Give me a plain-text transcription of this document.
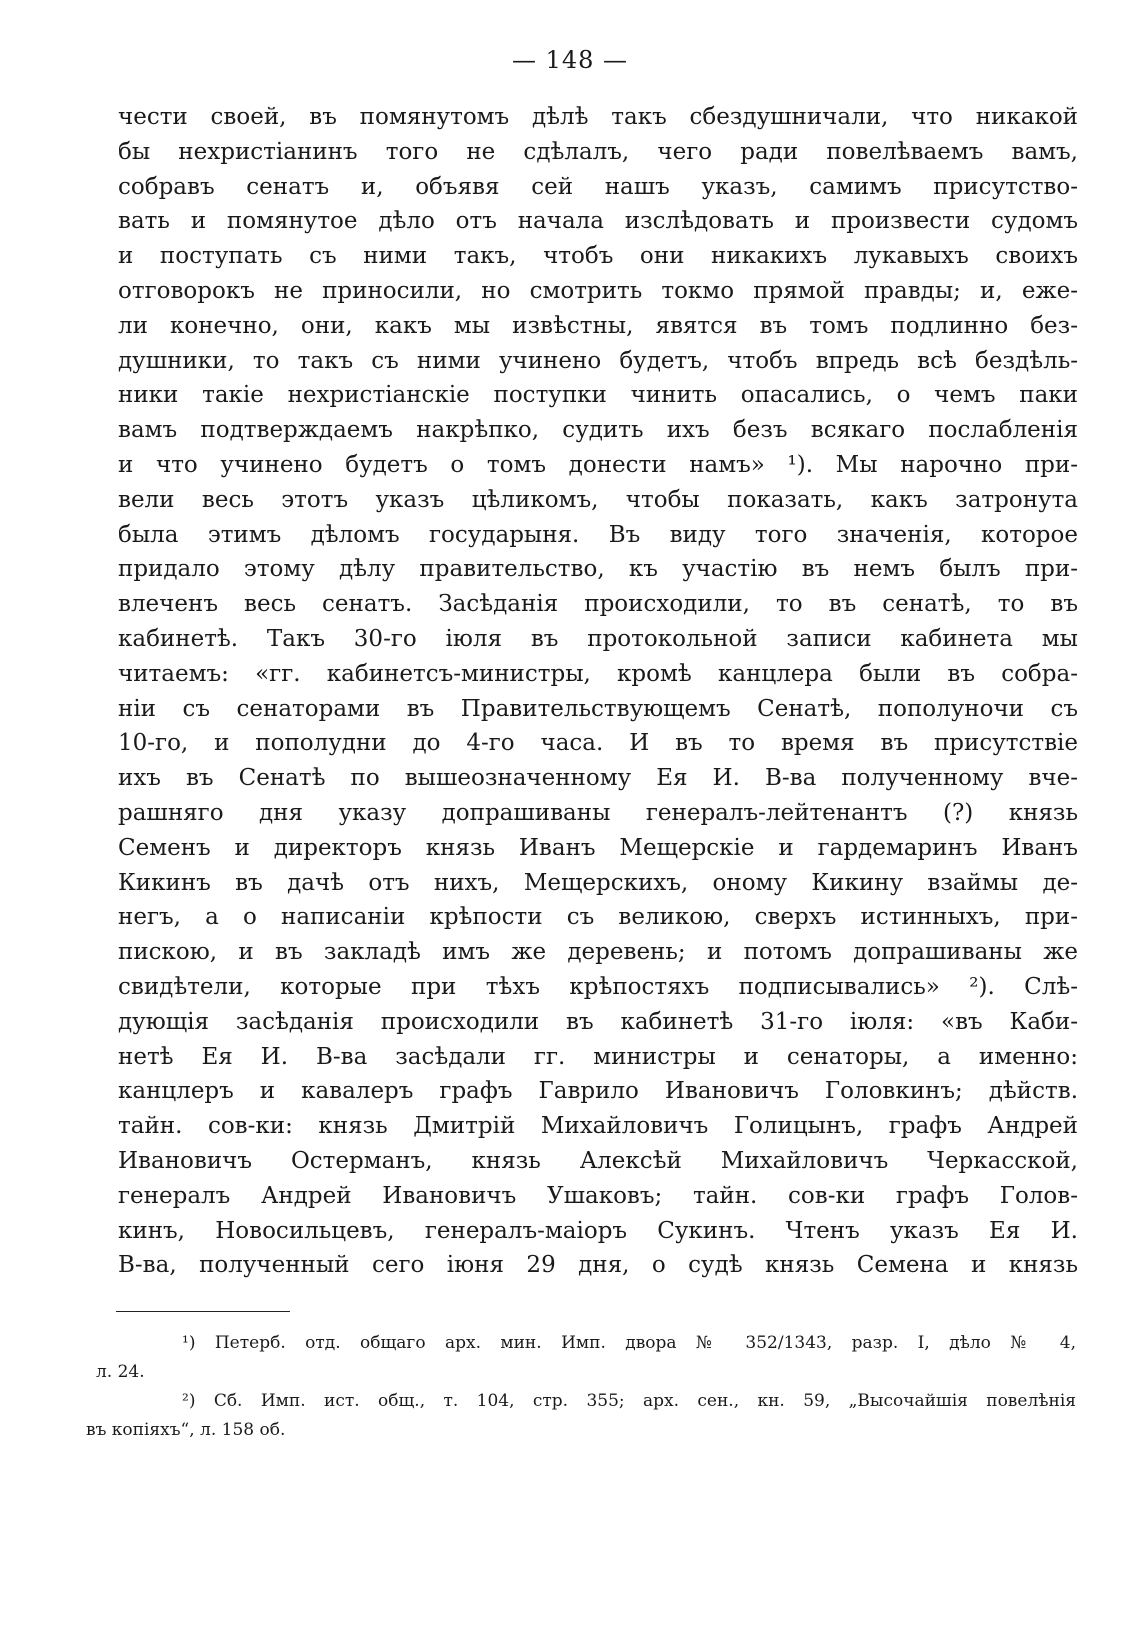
— 148 —
чести своей, въ помянутомъ дѣлѣ такъ сбездушничали, что никакой
бы нехристіанинъ того не сдѣлалъ, чего ради повелѣваемъ вамъ,
собравъ сенатъ и, объявя сей нашъ указъ, самимъ присутство-
вать и помянутое дѣло отъ начала изслѣдовать и произвести судомъ
и поступать съ ними такъ, чтобъ они никакихъ лукавыхъ своихъ
отговорокъ не приносили, но смотрить токмо прямой правды; и, еже-
ли конечно, они, какъ мы извѣстны, явятся въ томъ подлинно без-
душники, то такъ съ ними учинено будетъ, чтобъ впредь всѣ бездѣль-
ники такіе нехристіанскіе поступки чинить опасались, о чемъ паки
вамъ подтверждаемъ накрѣпко, судить ихъ безъ всякаго послабленія
и что учинено будетъ о томъ донести намъ» ¹). Мы нарочно при-
вели весь этотъ указъ цѣликомъ, чтобы показать, какъ затронута
была этимъ дѣломъ государыня. Въ виду того значенія, которое
придало этому дѣлу правительство, къ участію въ немъ былъ при-
влеченъ весь сенатъ. Засѣданія происходили, то въ сенатѣ, то въ
кабинетѣ. Такъ 30-го іюля въ протокольной записи кабинета мы
читаемъ: «гг. кабинетсъ-министры, кромѣ канцлера были въ собра-
ніи съ сенаторами въ Правительствующемъ Сенатѣ, пополуночи съ
10-го, и пополудни до 4-го часа. И въ то время въ присутствіе
ихъ въ Сенатѣ по вышеозначенному Ея И. В-ва полученному вче-
рашняго дня указу допрашиваны генералъ-лейтенантъ (?) князь
Семенъ и директоръ князь Иванъ Мещерскіе и гардемаринъ Иванъ
Кикинъ въ дачѣ отъ нихъ, Мещерскихъ, оному Кикину взаймы де-
негъ, а о написаніи крѣпости съ великою, сверхъ истинныхъ, при-
пискою, и въ закладѣ имъ же деревень; и потомъ допрашиваны же
свидѣтели, которые при тѣхъ крѣпостяхъ подписывались» ²). Слѣ-
дующія засѣданія происходили въ кабинетѣ 31-го іюля: «въ Каби-
нетѣ Ея И. В-ва засѣдали гг. министры и сенаторы, а именно:
канцлеръ и кавалеръ графъ Гаврило Ивановичъ Головкинъ; дѣйств.
тайн. сов-ки: князь Дмитрій Михайловичъ Голицынъ, графъ Андрей
Ивановичъ Остерманъ, князь Алексѣй Михайловичъ Черкасской,
генералъ Андрей Ивановичъ Ушаковъ; тайн. сов-ки графъ Голов-
кинъ, Новосильцевъ, генералъ-маіоръ Сукинъ. Чтенъ указъ Ея И.
В-ва, полученный сего іюня 29 дня, о судѣ князь Семена и князь
¹) Петерб. отд. общаго арх. мин. Имп. двора № 352/1343, разр. I, дѣло № 4,
л. 24.
²) Сб. Имп. ист. общ., т. 104, стр. 355; арх. сен., кн. 59, „Высочайшія повелѣнія
въ копіяхъ“, л. 158 об.
